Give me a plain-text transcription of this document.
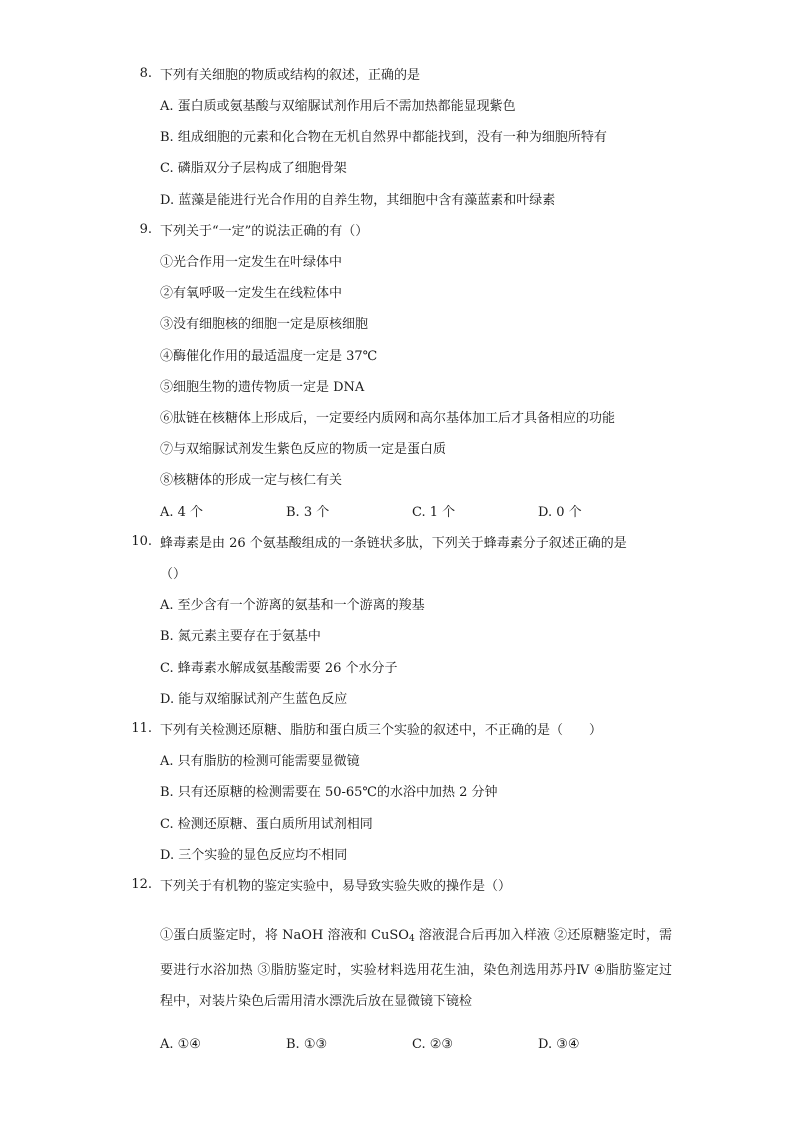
8. 下列有关细胞的物质或结构的叙述，正确的是
A. 蛋白质或氨基酸与双缩脲试剂作用后不需加热都能显现紫色
B. 组成细胞的元素和化合物在无机自然界中都能找到，没有一种为细胞所特有
C. 磷脂双分子层构成了细胞骨架
D. 蓝藻是能进行光合作用的自养生物，其细胞中含有藻蓝素和叶绿素
9. 下列关于“一定”的说法正确的有（）
①光合作用一定发生在叶绿体中
②有氧呼吸一定发生在线粒体中
③没有细胞核的细胞一定是原核细胞
④酶催化作用的最适温度一定是 37℃
⑤细胞生物的遗传物质一定是 DNA
⑥肽链在核糖体上形成后，一定要经内质网和高尔基体加工后才具备相应的功能
⑦与双缩脲试剂发生紫色反应的物质一定是蛋白质
⑧核糖体的形成一定与核仁有关
A. 4 个	B. 3 个	C. 1 个	D. 0 个
10. 蜂毒素是由 26 个氨基酸组成的一条链状多肽，下列关于蜂毒素分子叙述正确的是
（）
A. 至少含有一个游离的氨基和一个游离的羧基
B. 氮元素主要存在于氨基中
C. 蜂毒素水解成氨基酸需要 26 个水分子
D. 能与双缩脲试剂产生蓝色反应
11. 下列有关检测还原糖、脂肪和蛋白质三个实验的叙述中，不正确的是（　　）
A. 只有脂肪的检测可能需要显微镜
B. 只有还原糖的检测需要在 50-65℃的水浴中加热 2 分钟
C. 检测还原糖、蛋白质所用试剂相同
D. 三个实验的显色反应均不相同
12. 下列关于有机物的鉴定实验中，易导致实验失败的操作是（）
①蛋白质鉴定时，将 NaOH 溶液和 CuSO$_4$ 溶液混合后再加入样液 ②还原糖鉴定时，需要进行水浴加热 ③脂肪鉴定时，实验材料选用花生油，染色剂选用苏丹Ⅳ ④脂肪鉴定过程中，对装片染色后需用清水漂洗后放在显微镜下镜检
A. ①④	B. ①③	C. ②③	D. ③④
